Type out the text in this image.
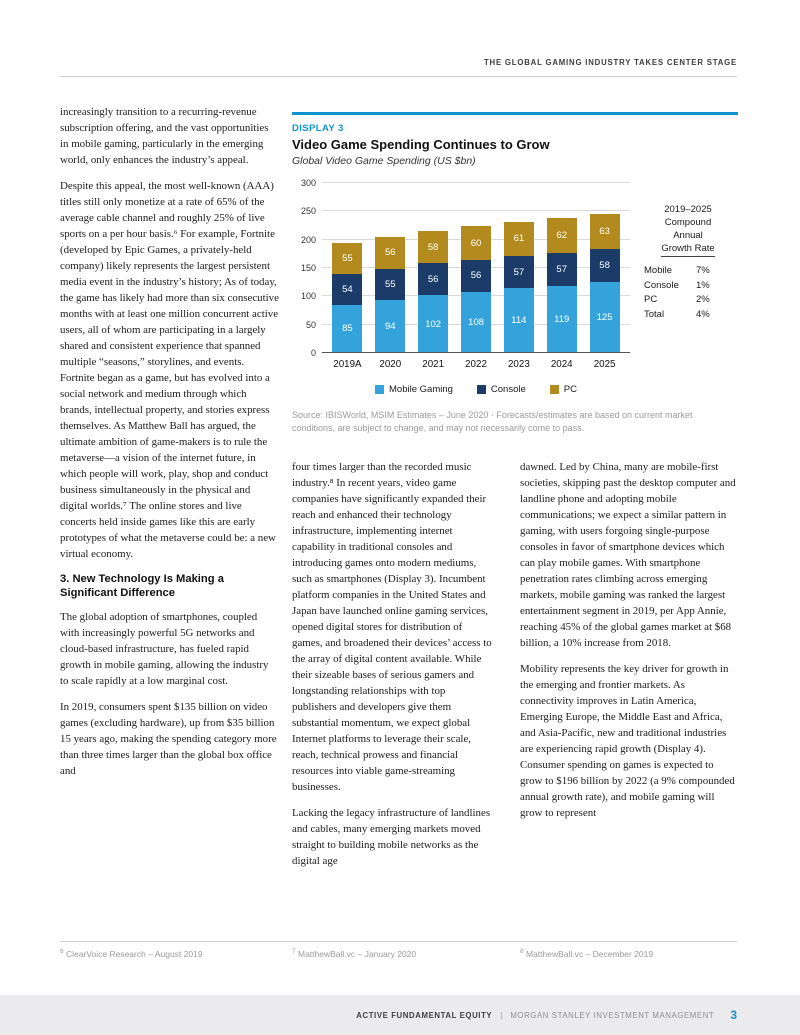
THE GLOBAL GAMING INDUSTRY TAKES CENTER STAGE

increasingly transition to a recurring-revenue subscription offering, and the vast opportunities in mobile gaming, particularly in the emerging world, only enhances the industry’s appeal.

Despite this appeal, the most well-known (AAA) titles still only monetize at a rate of 65% of the average cable channel and roughly 25% of live sports on a per hour basis.⁶ For example, Fortnite (developed by Epic Games, a privately-held company) likely represents the largest persistent media event in the industry’s history; As of today, the game has likely had more than six consecutive months with at least one million concurrent active users, all of whom are participating in a largely shared and consistent experience that spanned multiple “seasons,” storylines, and events. Fortnite began as a game, but has evolved into a social network and medium through which brands, intellectual property, and stories express themselves. As Matthew Ball has argued, the ultimate ambition of game-makers is to rule the metaverse—a vision of the internet future, in which people will work, play, shop and conduct business simultaneously in the physical and digital worlds.⁷ The online stores and live concerts held inside games like this are early prototypes of what the metaverse could be: a new virtual economy.

3. New Technology Is Making a Significant Difference

The global adoption of smartphones, coupled with increasingly powerful 5G networks and cloud-based infrastructure, has fueled rapid growth in mobile gaming, allowing the industry to scale rapidly at a low marginal cost.

In 2019, consumers spent $135 billion on video games (excluding hardware), up from $35 billion 15 years ago, making the spending category more than three times larger than the global box office and

DISPLAY 3
Video Game Spending Continues to Grow
Global Video Game Spending (US $bn)
85
54
55
94
55
56
102
56
58
108
56
60
114
57
61
119
57
62
125
58
63
0
50
100
150
200
250
300
2019A	2020	2021	2022	2023	2024	2025
Mobile Gaming	Console	PC
2019–2025
Compound
Annual
Growth Rate
Mobile	7%
Console	1%
PC	2%
Total	4%
Source: IBISWorld, MSIM Estimates – June 2020 · Forecasts/estimates are based on current market conditions, are subject to change, and may not necessarily come to pass.

four times larger than the recorded music industry.⁸ In recent years, video game companies have significantly expanded their reach and enhanced their technology infrastructure, implementing internet capability in traditional consoles and introducing games onto modern mediums, such as smartphones (Display 3). Incumbent platform companies in the United States and Japan have launched online gaming services, opened digital stores for distribution of games, and broadened their devices’ access to the array of digital content available. While their sizeable bases of serious gamers and longstanding relationships with top publishers and developers give them substantial momentum, we expect global Internet platforms to leverage their scale, reach, technical prowess and financial resources into viable game-streaming businesses.

Lacking the legacy infrastructure of landlines and cables, many emerging markets moved straight to building mobile networks as the digital age

dawned. Led by China, many are mobile-first societies, skipping past the desktop computer and landline phone and adopting mobile communications; we expect a similar pattern in gaming, with users forgoing single-purpose consoles in favor of smartphone devices which can play mobile games. With smartphone penetration rates climbing across emerging markets, mobile gaming was ranked the largest entertainment segment in 2019, per App Annie, reaching 45% of the global games market at $68 billion, a 10% increase from 2018.

Mobility represents the key driver for growth in the emerging and frontier markets. As connectivity improves in Latin America, Emerging Europe, the Middle East and Africa, and Asia-Pacific, new and traditional industries are experiencing rapid growth (Display 4). Consumer spending on games is expected to grow to $196 billion by 2022 (a 9% compounded annual growth rate), and mobile gaming will grow to represent

$^6$ ClearVoice Research – August 2019	$^7$ MatthewBall.vc – January 2020	$^8$ MatthewBall.vc – December 2019
ACTIVE FUNDAMENTAL EQUITY | MORGAN STANLEY INVESTMENT MANAGEMENT 3
